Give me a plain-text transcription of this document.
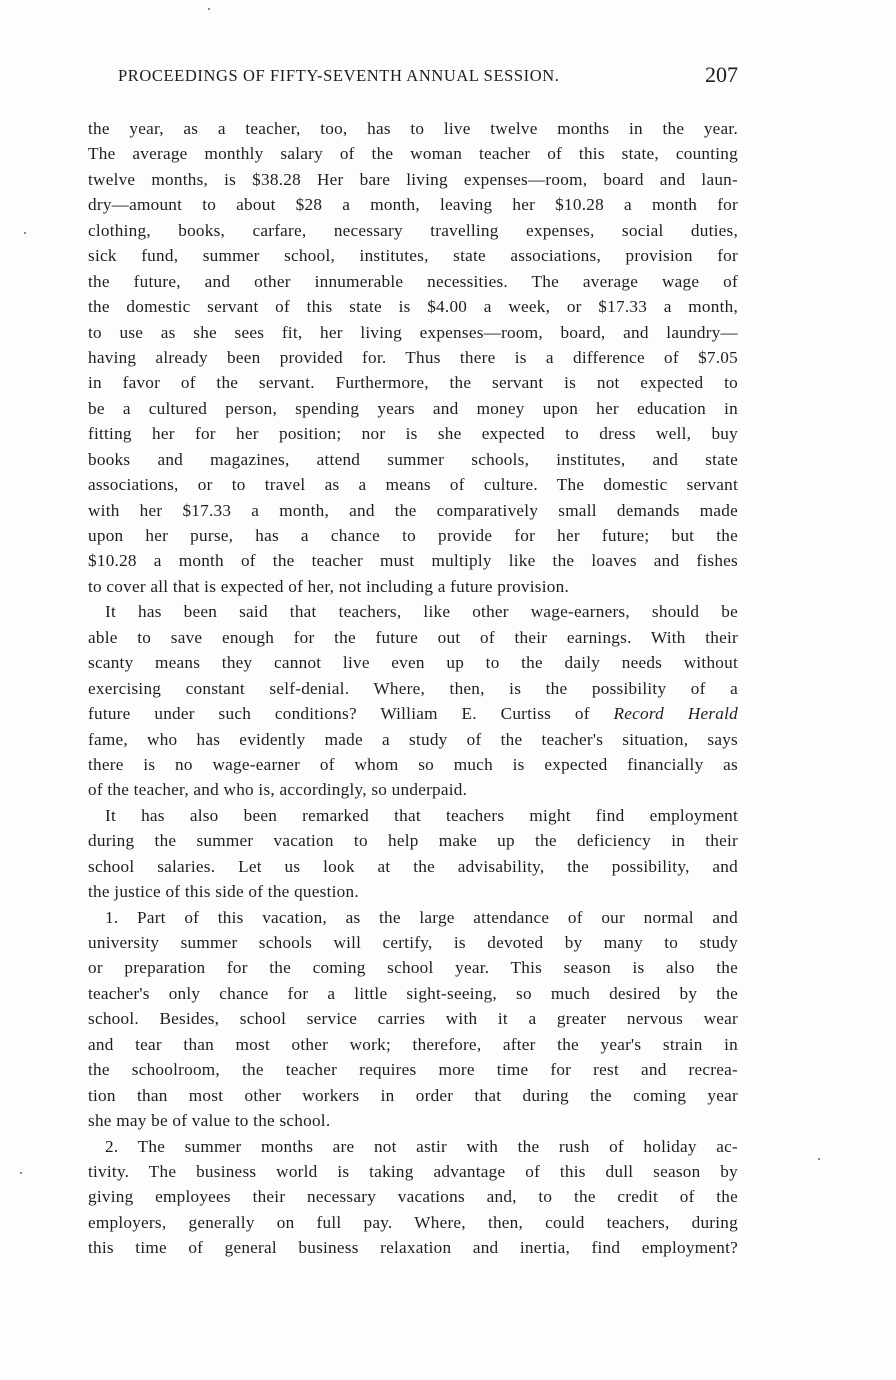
PROCEEDINGS OF FIFTY-SEVENTH ANNUAL SESSION.	207
the year, as a teacher, too, has to live twelve months in the year.
The average monthly salary of the woman teacher of this state, counting
twelve months, is $38.28 Her bare living expenses—room, board and laun-
dry—amount to about $28 a month, leaving her $10.28 a month for
clothing, books, carfare, necessary travelling expenses, social duties,
sick fund, summer school, institutes, state associations, provision for
the future, and other innumerable necessities. The average wage of
the domestic servant of this state is $4.00 a week, or $17.33 a month,
to use as she sees fit, her living expenses—room, board, and laundry—
having already been provided for. Thus there is a difference of $7.05
in favor of the servant. Furthermore, the servant is not expected to
be a cultured person, spending years and money upon her education in
fitting her for her position; nor is she expected to dress well, buy
books and magazines, attend summer schools, institutes, and state
associations, or to travel as a means of culture. The domestic servant
with her $17.33 a month, and the comparatively small demands made
upon her purse, has a chance to provide for her future; but the
$10.28 a month of the teacher must multiply like the loaves and fishes
to cover all that is expected of her, not including a future provision.
It has been said that teachers, like other wage-earners, should be
able to save enough for the future out of their earnings. With their
scanty means they cannot live even up to the daily needs without
exercising constant self-denial. Where, then, is the possibility of a
future under such conditions? William E. Curtiss of Record Herald
fame, who has evidently made a study of the teacher's situation, says
there is no wage-earner of whom so much is expected financially as
of the teacher, and who is, accordingly, so underpaid.
It has also been remarked that teachers might find employment
during the summer vacation to help make up the deficiency in their
school salaries. Let us look at the advisability, the possibility, and
the justice of this side of the question.
1. Part of this vacation, as the large attendance of our normal and
university summer schools will certify, is devoted by many to study
or preparation for the coming school year. This season is also the
teacher's only chance for a little sight-seeing, so much desired by the
school. Besides, school service carries with it a greater nervous wear
and tear than most other work; therefore, after the year's strain in
the schoolroom, the teacher requires more time for rest and recrea-
tion than most other workers in order that during the coming year
she may be of value to the school.
2. The summer months are not astir with the rush of holiday ac-
tivity. The business world is taking advantage of this dull season by
giving employees their necessary vacations and, to the credit of the
employers, generally on full pay. Where, then, could teachers, during
this time of general business relaxation and inertia, find employment?
